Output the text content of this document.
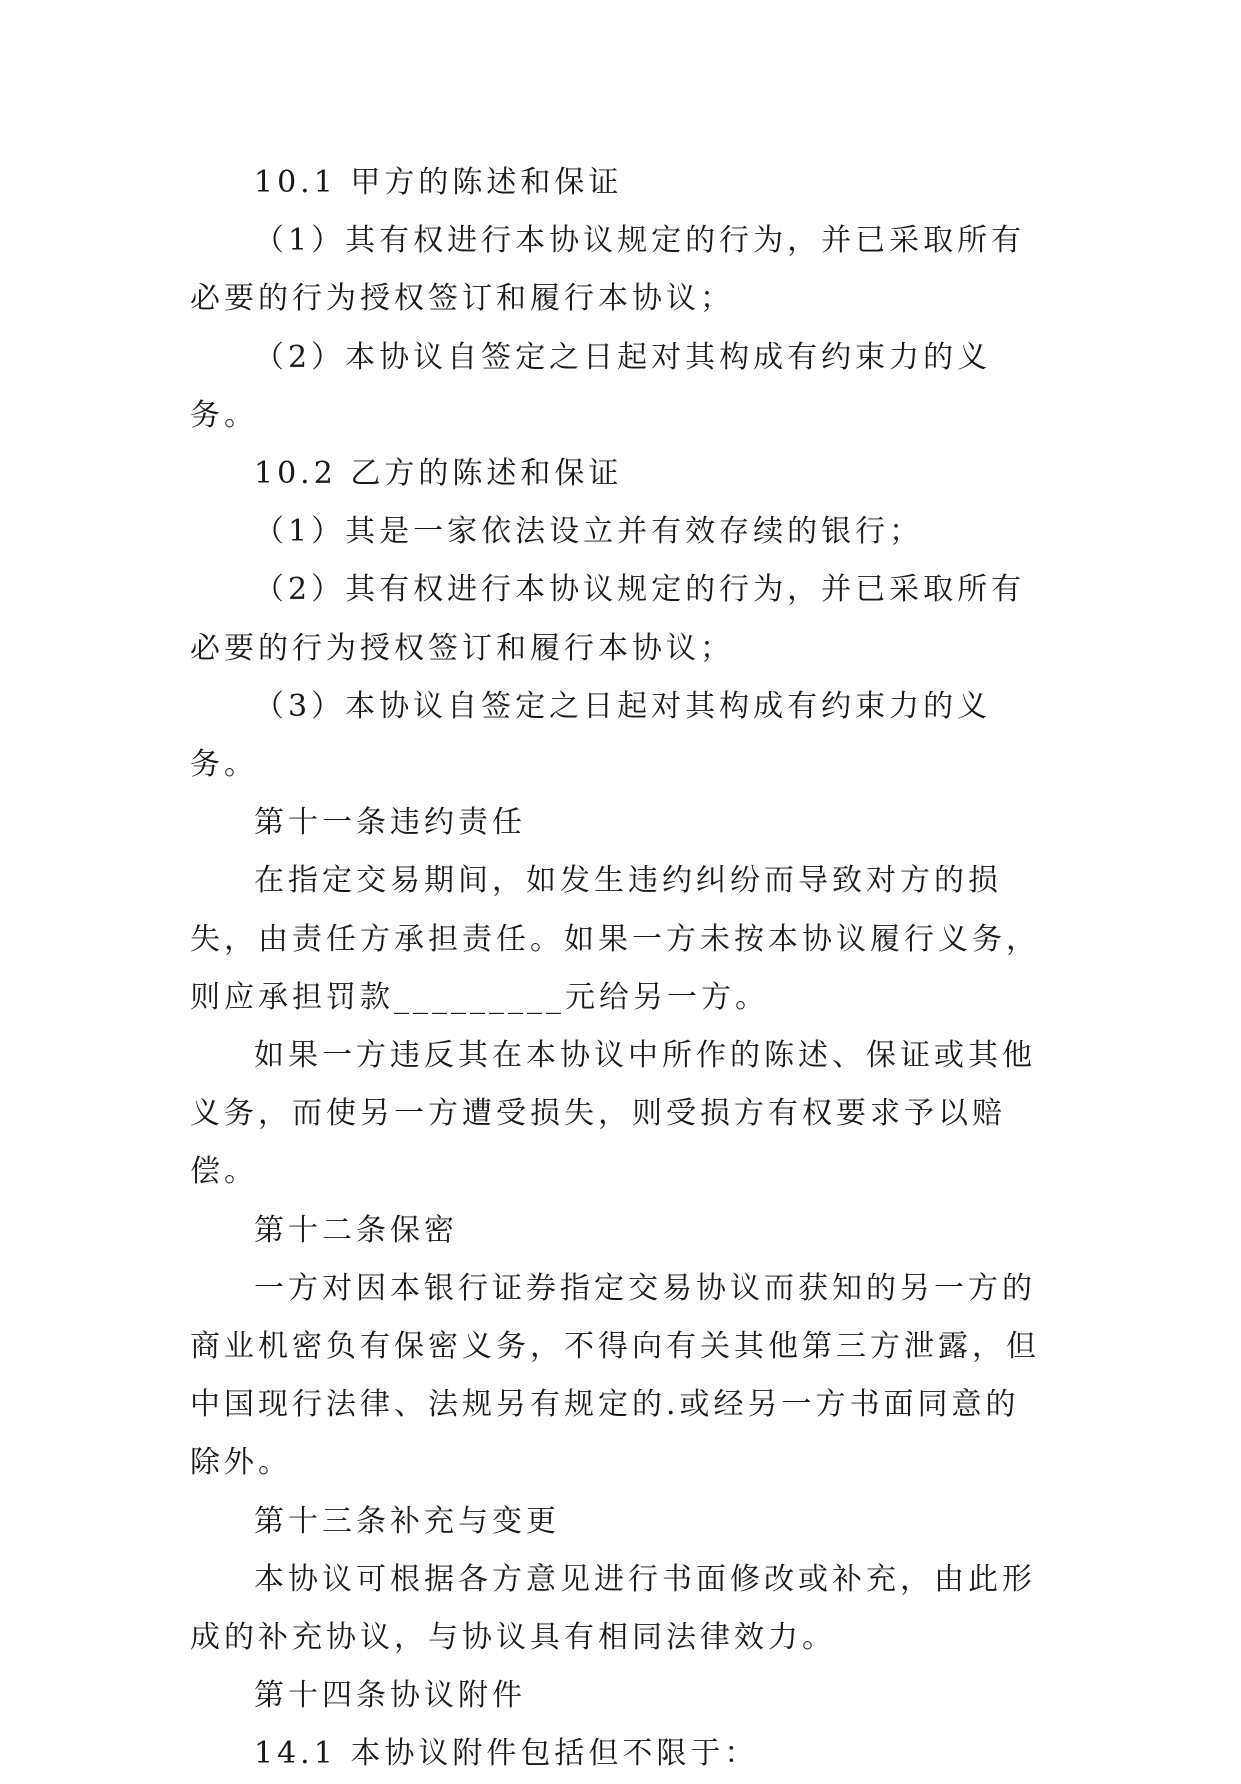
10.1 甲方的陈述和保证

（1）其有权进行本协议规定的行为，并已采取所有必要的行为授权签订和履行本协议；

（2）本协议自签定之日起对其构成有约束力的义务。

10.2 乙方的陈述和保证

（1）其是一家依法设立并有效存续的银行；

（2）其有权进行本协议规定的行为，并已采取所有必要的行为授权签订和履行本协议；

（3）本协议自签定之日起对其构成有约束力的义务。

第十一条违约责任

在指定交易期间，如发生违约纠纷而导致对方的损失，由责任方承担责任。如果一方未按本协议履行义务，则应承担罚款_________元给另一方。

如果一方违反其在本协议中所作的陈述、保证或其他义务，而使另一方遭受损失，则受损方有权要求予以赔偿。

第十二条保密

一方对因本银行证券指定交易协议而获知的另一方的商业机密负有保密义务，不得向有关其他第三方泄露，但中国现行法律、法规另有规定的.或经另一方书面同意的除外。

第十三条补充与变更

本协议可根据各方意见进行书面修改或补充，由此形成的补充协议，与协议具有相同法律效力。

第十四条协议附件

14.1 本协议附件包括但不限于：
